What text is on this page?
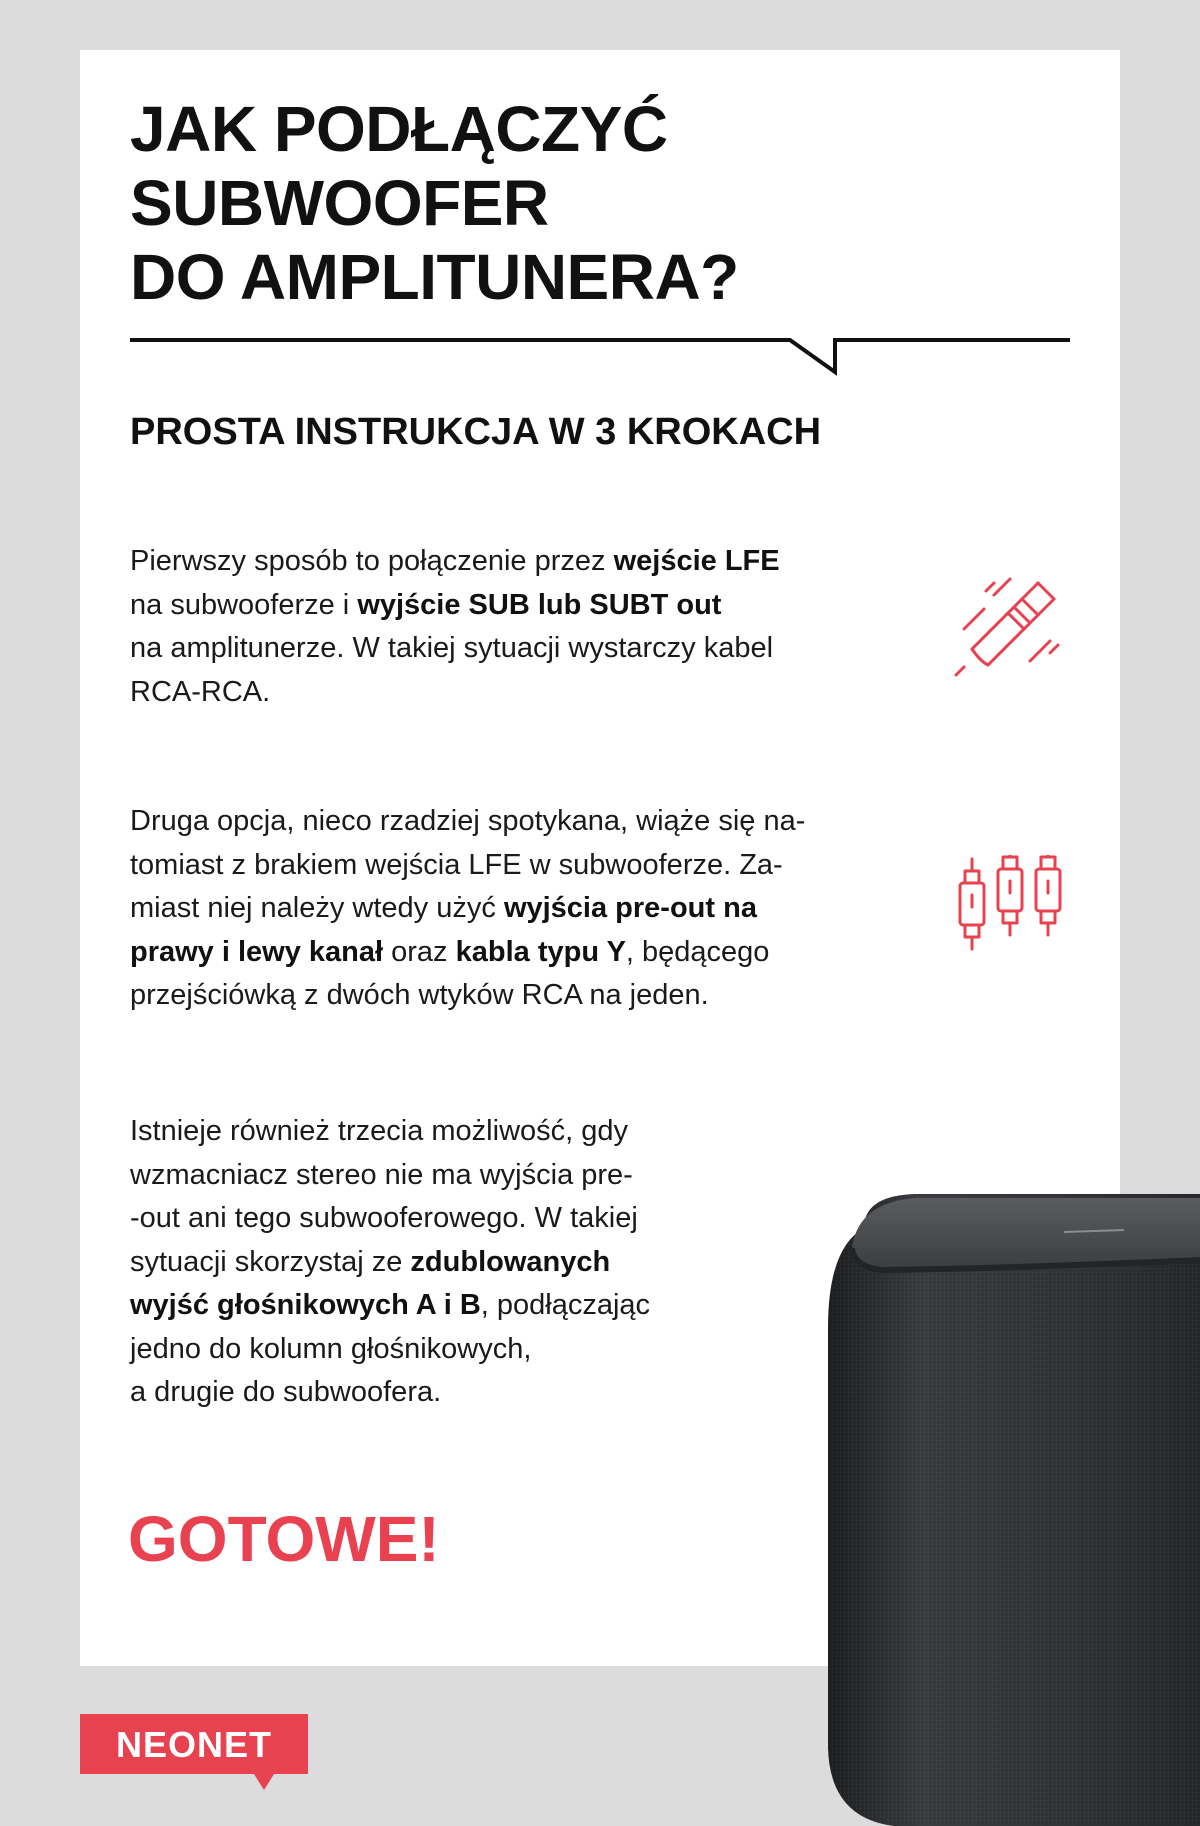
JAK PODŁĄCZYĆ
SUBWOOFER
DO AMPLITUNERA?
PROSTA INSTRUKCJA W 3 KROKACH
Pierwszy sposób to połączenie przez wejście LFE
na subwooferze i wyjście SUB lub SUBT out
na amplitunerze. W takiej sytuacji wystarczy kabel
RCA-RCA.
Druga opcja, nieco rzadziej spotykana, wiąże się na-
tomiast z brakiem wejścia LFE w subwooferze. Za-
miast niej należy wtedy użyć wyjścia pre-out na
prawy i lewy kanał oraz kabla typu Y, będącego
przejściówką z dwóch wtyków RCA na jeden.
Istnieje również trzecia możliwość, gdy
wzmacniacz stereo nie ma wyjścia pre-
-out ani tego subwooferowego. W takiej
sytuacji skorzystaj ze zdublowanych
wyjść głośnikowych A i B, podłączając
jedno do kolumn głośnikowych,
a drugie do subwoofera.
GOTOWE!
NEONET
